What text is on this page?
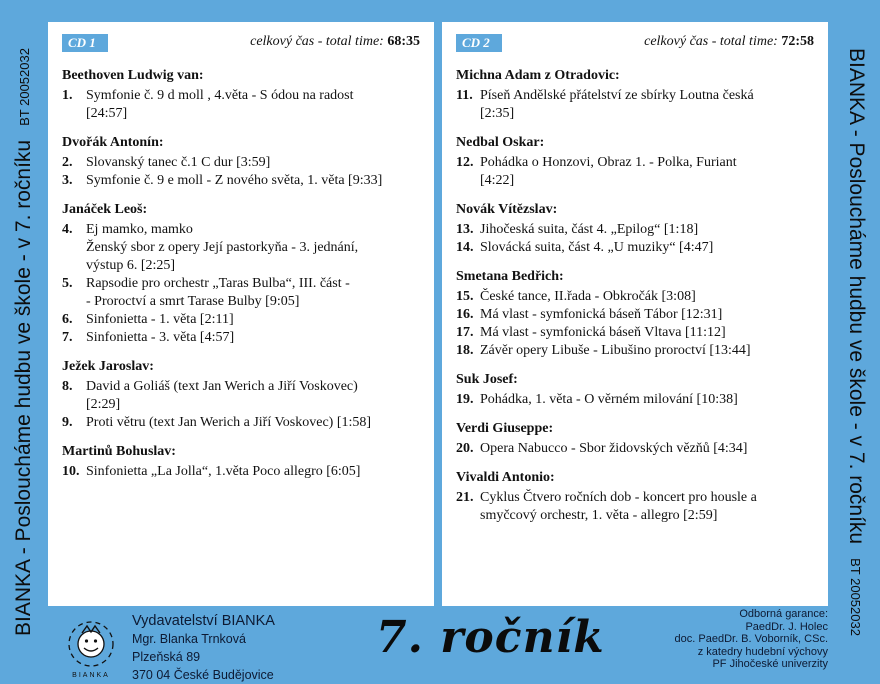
BIANKA - Posloucháme hudbu ve škole - v 7. ročníkuBT 20052032
CD 1	celkový čas - total time: 68:35
Beethoven Ludwig van:
1. Symfonie č. 9 d moll , 4.věta - S ódou na radost
[24:57]
Dvořák Antonín:
2. Slovanský tanec č.1 C dur [3:59]
3. Symfonie č. 9 e moll - Z nového světa, 1. věta [9:33]
Janáček Leoš:
4. Ej mamko, mamko
Ženský sbor z opery Její pastorkyňa - 3. jednání,
výstup 6. [2:25]
5. Rapsodie pro orchestr „Taras Bulba“, III. část -
- Proroctví a smrt Tarase Bulby [9:05]
6. Sinfonietta - 1. věta [2:11]
7. Sinfonietta - 3. věta [4:57]
Ježek Jaroslav:
8. David a Goliáš (text Jan Werich a Jiří Voskovec)
[2:29]
9. Proti větru (text Jan Werich a Jiří Voskovec) [1:58]
Martinů Bohuslav:
10. Sinfonietta „La Jolla“, 1.věta Poco allegro [6:05]
CD 2	celkový čas - total time: 72:58
Michna Adam z Otradovic:
11. Píseň Andělské přátelství ze sbírky Loutna česká
[2:35]
Nedbal Oskar:
12. Pohádka o Honzovi, Obraz 1. - Polka, Furiant
[4:22]
Novák Vítězslav:
13. Jihočeská suita, část 4. „Epilog“ [1:18]
14. Slovácká suita, část 4. „U muziky“ [4:47]
Smetana Bedřich:
15. České tance, II.řada - Obkročák [3:08]
16. Má vlast - symfonická báseň Tábor [12:31]
17. Má vlast - symfonická báseň Vltava [11:12]
18. Závěr opery Libuše - Libušino proroctví [13:44]
Suk Josef:
19. Pohádka, 1. věta - O věrném milování [10:38]
Verdi Giuseppe:
20. Opera Nabucco - Sbor židovských vězňů [4:34]
Vivaldi Antonio:
21. Cyklus Čtvero ročních dob - koncert pro housle a
smyčcový orchestr, 1. věta - allegro [2:59]	BIANKA - Posloucháme hudbu ve škole - v 7. ročníkuBT 20052032
BIANKA
Vydavatelství BIANKA
Mgr. Blanka Trnková
Plzeňská 89
370 04 České Budějovice
7. ročník	Odborná garance:
PaedDr. J. Holec
doc. PaedDr. B. Voborník, CSc.
z katedry hudební výchovy
PF Jihočeské univerzity
